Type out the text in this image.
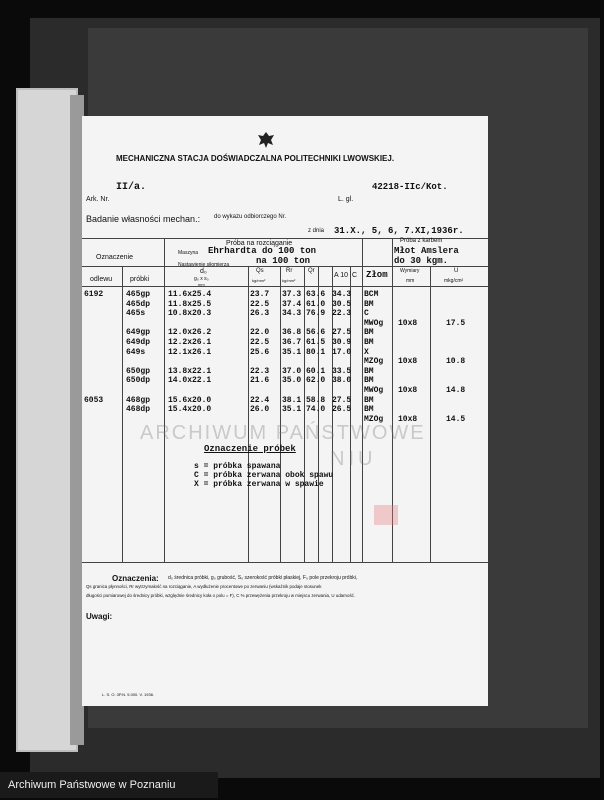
MECHANICZNA STACJA DOŚWIADCZALNA POLITECHNIKI LWOWSKIEJ.
Ark. Nr.
II/a.
L. gl.
42218-IIc/Kot.
Badanie własności mechan.: do wykazu odbiorczego Nr.
z dnia 31.X., 5, 6, 7.XI,1936r.
Oznaczenie
odlewu	próbki
Próba na rozciąganie
Maszyna Ehrhardta do 100 ton
na 100 ton
Nastawienie siłomierza
d₀
g₀ x s₀
mm
Qs
kg/mm²
Rr
kg/mm²
Qr
A 10 C Złom
Próba z karbem
Młot Amslera
do 30 kgm.
Wymiary
mm
U
mkg/cm²
6192	465gp 11.6x25.4	23.7 37.3 63.6 34.3 BCM
465dp 11.8x25.5	22.5 37.4 61.0 30.5 BM
465s	10.8x20.3	26.3 34.3 76.9 22.3 C
MWOg 10x8	17.5
649gp 12.0x26.2	22.0 36.8 56.6 27.5 BM
649dp 12.2x26.1	22.5 36.7 61.5 30.9 BM
649s	12.1x26.1	25.6 35.1 80.1 17.0 X
MZOg 10x8	10.8
650gp 13.8x22.1	22.3 37.0 60.1 33.5 BM
650dp 14.0x22.1	21.6 35.0 62.0 38.0 BM
MWOg 10x8	14.8
6053	468gp 15.6x20.0	22.4 38.1 58.8 27.5 BM
468dp 15.4x20.0	26.0 35.1 74.0 26.5 BM
MZOg 10x8	14.5
Oznaczenie próbek
s = próbka spawana
C = próbka zerwana obok spawu
X = próbka zerwana w spawie
Oznaczenia: d₀ średnica próbki, g₀ grubość, S₀ szerokość próbki płaskiej, F₀ pole przekroju próbki,
Qs granica płynności, Rr wytrzymałość na rozciąganie, A wydłużenie procentowe po zerwaniu (wskaźnik podaje stosunek
długości pomiarowej do średnicy próbki, względnie średnicy koła o polu = F), C % przewężenia przekroju w miejscu zerwania, U udarność.
Uwagi:
L. S. O. 3P.N. 5.000. V. 1936.
ARCHIWUM PAŃSTWOWE
NIU
Archiwum Państwowe w Poznaniu
